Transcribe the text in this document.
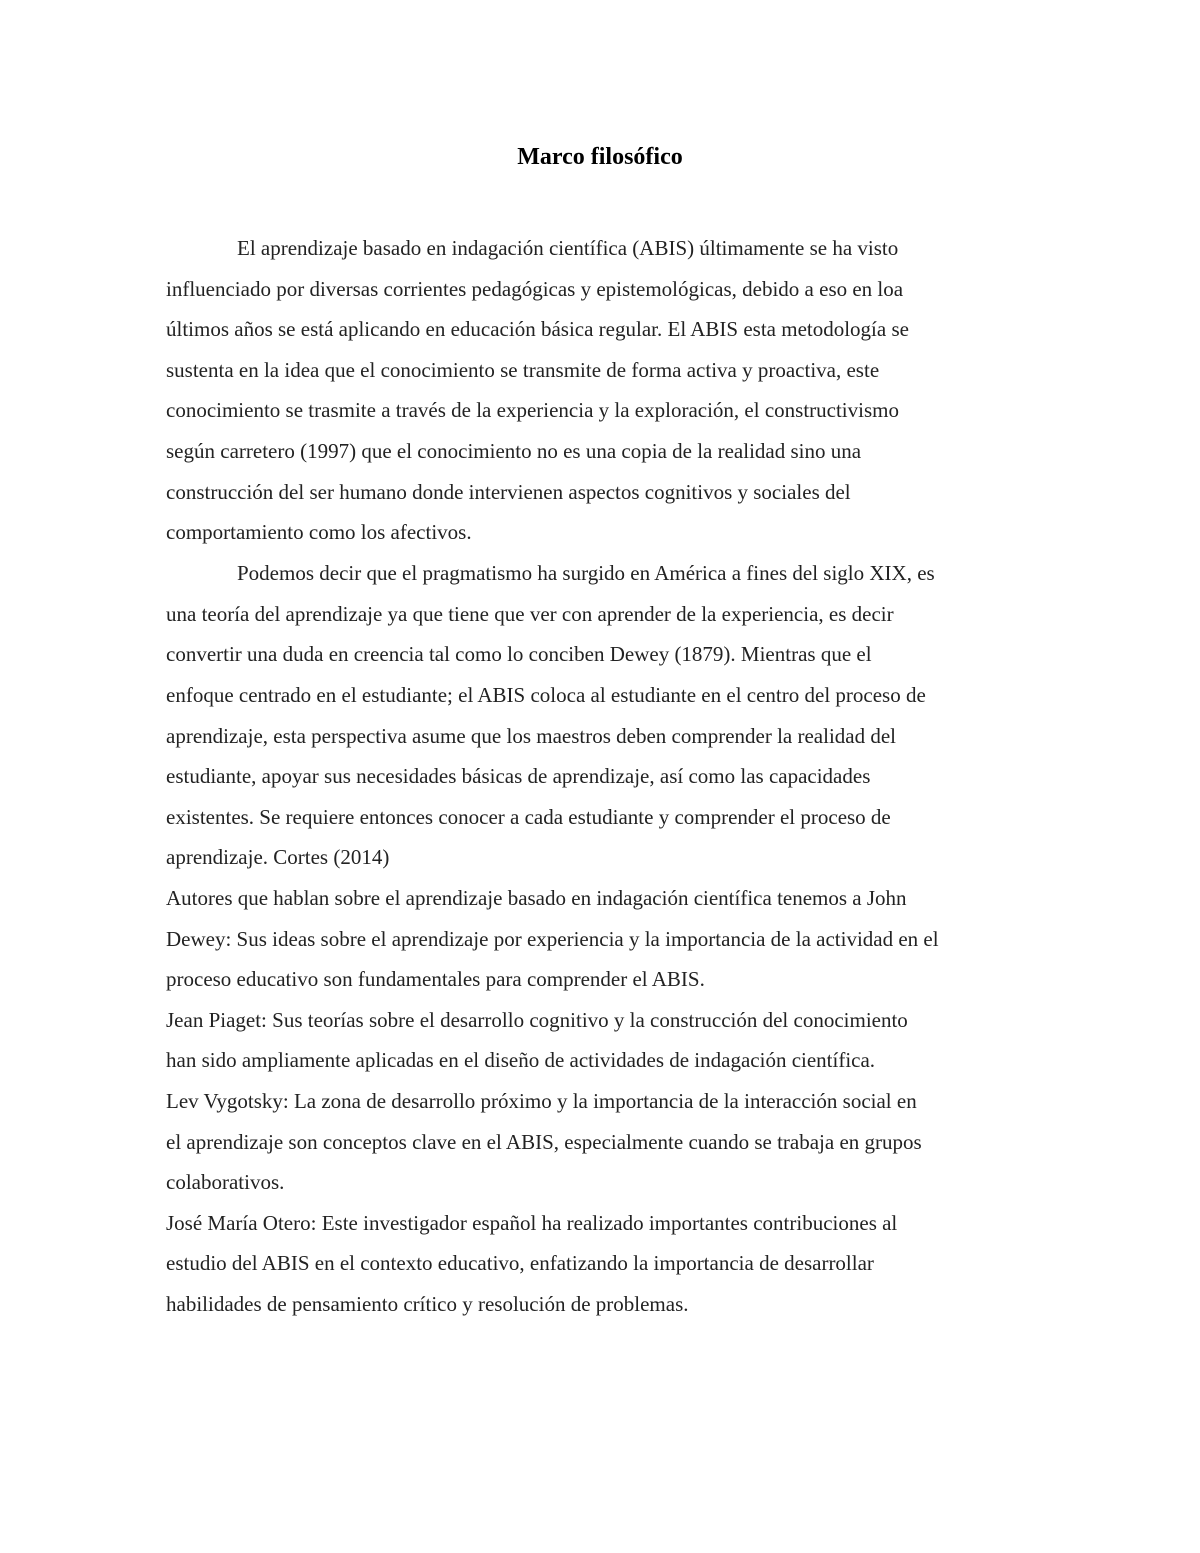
Marco filosófico

El aprendizaje basado en indagación científica (ABIS) últimamente se ha visto

influenciado por diversas corrientes pedagógicas y epistemológicas, debido a eso en loa

últimos años se está aplicando en educación básica regular. El ABIS esta metodología se

sustenta en la idea que el conocimiento se transmite de forma activa y proactiva, este

conocimiento se trasmite a través de la experiencia y la exploración, el constructivismo

según carretero (1997) que el conocimiento no es una copia de la realidad sino una

construcción del ser humano donde intervienen aspectos cognitivos y sociales del

comportamiento como los afectivos.

Podemos decir que el pragmatismo ha surgido en América a fines del siglo XIX, es

una teoría del aprendizaje ya que tiene que ver con aprender de la experiencia, es decir

convertir una duda en creencia tal como lo conciben Dewey (1879). Mientras que el

enfoque centrado en el estudiante; el ABIS coloca al estudiante en el centro del proceso de

aprendizaje, esta perspectiva asume que los maestros deben comprender la realidad del

estudiante, apoyar sus necesidades básicas de aprendizaje, así como las capacidades

existentes. Se requiere entonces conocer a cada estudiante y comprender el proceso de

aprendizaje. Cortes (2014)

Autores que hablan sobre el aprendizaje basado en indagación científica tenemos a John

Dewey: Sus ideas sobre el aprendizaje por experiencia y la importancia de la actividad en el

proceso educativo son fundamentales para comprender el ABIS.

Jean Piaget: Sus teorías sobre el desarrollo cognitivo y la construcción del conocimiento

han sido ampliamente aplicadas en el diseño de actividades de indagación científica.

Lev Vygotsky: La zona de desarrollo próximo y la importancia de la interacción social en

el aprendizaje son conceptos clave en el ABIS, especialmente cuando se trabaja en grupos

colaborativos.

José María Otero: Este investigador español ha realizado importantes contribuciones al

estudio del ABIS en el contexto educativo, enfatizando la importancia de desarrollar

habilidades de pensamiento crítico y resolución de problemas.
